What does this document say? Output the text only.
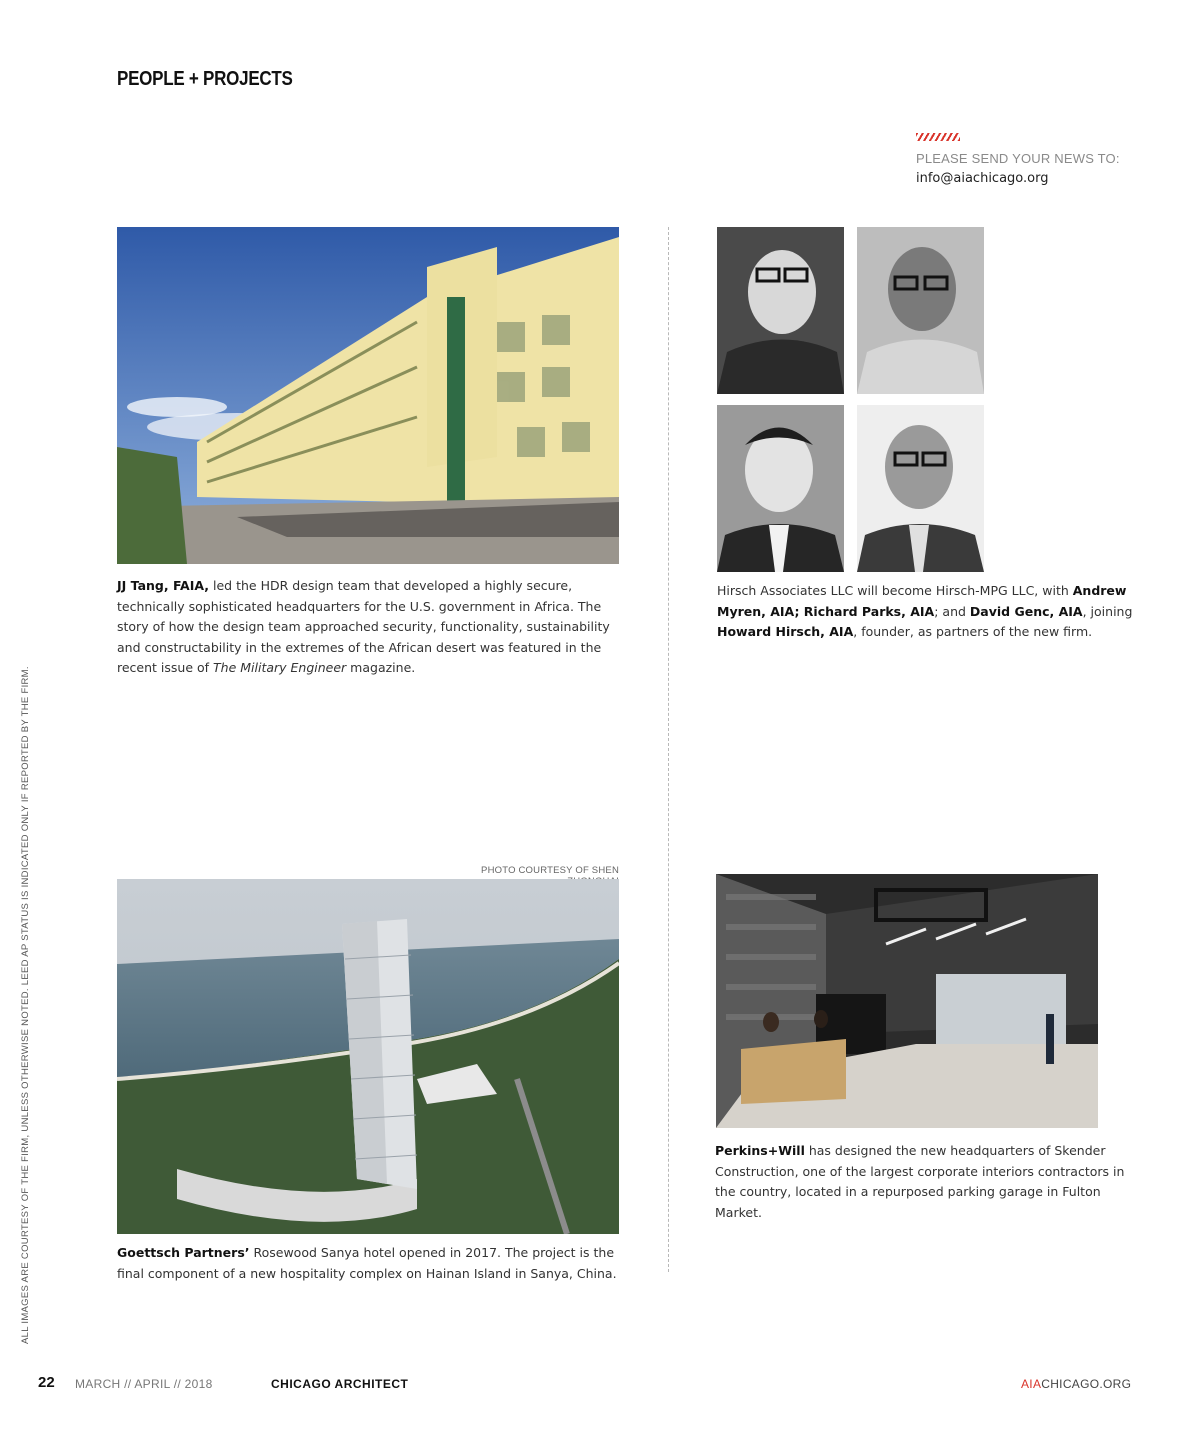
PEOPLE + PROJECTS
PLEASE SEND YOUR NEWS TO:
info@aiachicago.org
JJ Tang, FAIA, led the HDR design team that developed a highly secure, technically sophisticated headquarters for the U.S. government in Africa. The story of how the design team approached security, functionality, sustainability and constructability in the extremes of the African desert was featured in the recent issue of The Military Engineer magazine.
Hirsch Associates LLC will become Hirsch-MPG LLC, with Andrew Myren, AIA; Richard Parks, AIA; and David Genc, AIA, joining Howard Hirsch, AIA, founder, as partners of the new firm.
PHOTO COURTESY OF SHEN
Goettsch Partners’ Rosewood Sanya hotel opened in 2017. The project is the final component of a new hospitality complex on Hainan Island in Sanya, China.
Perkins+Will has designed the new headquarters of Skender Construction, one of the largest corporate interiors contractors in the country, located in a repurposed parking garage in Fulton Market.
ALL IMAGES ARE COURTESY OF THE FIRM, UNLESS OTHERWISE NOTED. LEED AP STATUS IS INDICATED ONLY IF REPORTED BY THE FIRM.
22 MARCH // APRIL // 2018	CHICAGO ARCHITECT	AIACHICAGO.ORG
